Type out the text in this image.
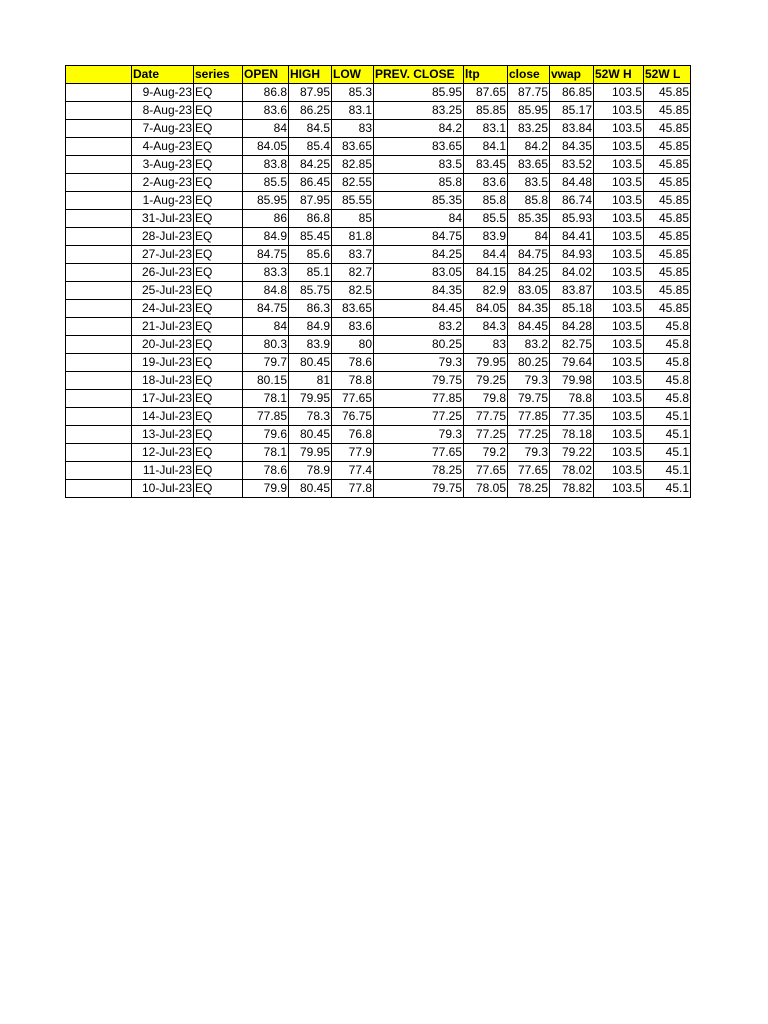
	Date	series	OPEN	HIGH	LOW	PREV. CLOSE	ltp	close	vwap	52W H	52W L
	9-Aug-23	EQ	86.8	87.95	85.3	85.95	87.65	87.75	86.85	103.5	45.85
	8-Aug-23	EQ	83.6	86.25	83.1	83.25	85.85	85.95	85.17	103.5	45.85
	7-Aug-23	EQ	84	84.5	83	84.2	83.1	83.25	83.84	103.5	45.85
	4-Aug-23	EQ	84.05	85.4	83.65	83.65	84.1	84.2	84.35	103.5	45.85
	3-Aug-23	EQ	83.8	84.25	82.85	83.5	83.45	83.65	83.52	103.5	45.85
	2-Aug-23	EQ	85.5	86.45	82.55	85.8	83.6	83.5	84.48	103.5	45.85
	1-Aug-23	EQ	85.95	87.95	85.55	85.35	85.8	85.8	86.74	103.5	45.85
	31-Jul-23	EQ	86	86.8	85	84	85.5	85.35	85.93	103.5	45.85
	28-Jul-23	EQ	84.9	85.45	81.8	84.75	83.9	84	84.41	103.5	45.85
	27-Jul-23	EQ	84.75	85.6	83.7	84.25	84.4	84.75	84.93	103.5	45.85
	26-Jul-23	EQ	83.3	85.1	82.7	83.05	84.15	84.25	84.02	103.5	45.85
	25-Jul-23	EQ	84.8	85.75	82.5	84.35	82.9	83.05	83.87	103.5	45.85
	24-Jul-23	EQ	84.75	86.3	83.65	84.45	84.05	84.35	85.18	103.5	45.85
	21-Jul-23	EQ	84	84.9	83.6	83.2	84.3	84.45	84.28	103.5	45.8
	20-Jul-23	EQ	80.3	83.9	80	80.25	83	83.2	82.75	103.5	45.8
	19-Jul-23	EQ	79.7	80.45	78.6	79.3	79.95	80.25	79.64	103.5	45.8
	18-Jul-23	EQ	80.15	81	78.8	79.75	79.25	79.3	79.98	103.5	45.8
	17-Jul-23	EQ	78.1	79.95	77.65	77.85	79.8	79.75	78.8	103.5	45.8
	14-Jul-23	EQ	77.85	78.3	76.75	77.25	77.75	77.85	77.35	103.5	45.1
	13-Jul-23	EQ	79.6	80.45	76.8	79.3	77.25	77.25	78.18	103.5	45.1
	12-Jul-23	EQ	78.1	79.95	77.9	77.65	79.2	79.3	79.22	103.5	45.1
	11-Jul-23	EQ	78.6	78.9	77.4	78.25	77.65	77.65	78.02	103.5	45.1
	10-Jul-23	EQ	79.9	80.45	77.8	79.75	78.05	78.25	78.82	103.5	45.1
